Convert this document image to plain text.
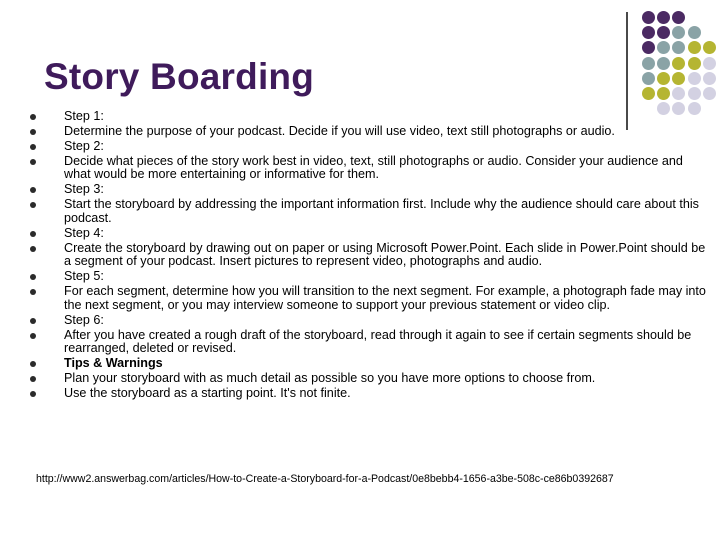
Story Boarding
Step 1:
Determine the purpose of your podcast. Decide if you will use video, text still photographs or audio.
Step 2:
Decide what pieces of the story work best in video, text, still photographs or audio. Consider your audience and what would be more entertaining or informative for them.
Step 3:
Start the storyboard by addressing the important information first. Include why the audience should care about this podcast.
Step 4:
Create the storyboard by drawing out on paper or using Microsoft Power.Point. Each slide in Power.Point should be a segment of your podcast. Insert pictures to represent video, photographs and audio.
Step 5:
For each segment, determine how you will transition to the next segment. For example, a photograph fade may into the next segment, or you may interview someone to support your previous statement or video clip.
Step 6:
After you have created a rough draft of the storyboard, read through it again to see if certain segments should be rearranged, deleted or revised.
Tips & Warnings
Plan your storyboard with as much detail as possible so you have more options to choose from.
Use the storyboard as a starting point. It's not finite.
http://www2.answerbag.com/articles/How-to-Create-a-Storyboard-for-a-Podcast/0e8bebb4-1656-a3be-508c-ce86b0392687
